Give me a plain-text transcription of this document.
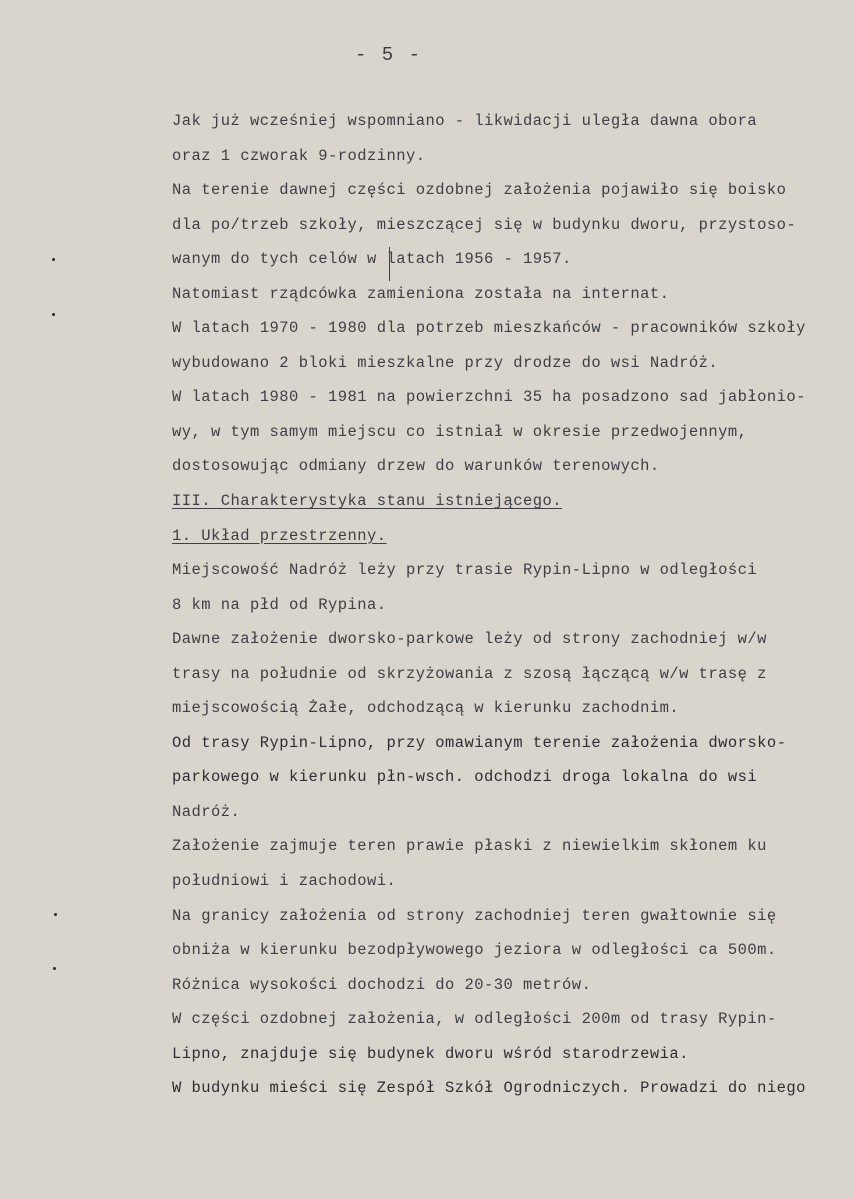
- 5 -
Jak już wcześniej wspomniano - likwidacji uległa dawna obora
oraz 1 czworak 9-rodzinny.
Na terenie dawnej części ozdobnej założenia pojawiło się boisko
dla po/trzeb szkoły, mieszczącej się w budynku dworu, przystoso-
wanym do tych celów w latach 1956 - 1957.
Natomiast rządcówka zamieniona została na internat.
W latach 1970 - 1980 dla potrzeb mieszkańców - pracowników szkoły
wybudowano 2 bloki mieszkalne przy drodze do wsi Nadróż.
W latach 1980 - 1981 na powierzchni 35 ha posadzono sad jabłonio-
wy, w tym samym miejscu co istniał w okresie przedwojennym,
dostosowując odmiany drzew do warunków terenowych.
III. Charakterystyka stanu istniejącego.
1. Układ przestrzenny.
Miejscowość Nadróż leży przy trasie Rypin-Lipno w odległości
8 km na płd od Rypina.
Dawne założenie dworsko-parkowe leży od strony zachodniej w/w
trasy na południe od skrzyżowania z szosą łączącą w/w trasę z
miejscowością Żałe, odchodzącą w kierunku zachodnim.
Od trasy Rypin-Lipno, przy omawianym terenie założenia dworsko-
parkowego w kierunku płn-wsch. odchodzi droga lokalna do wsi
Nadróż.
Założenie zajmuje teren prawie płaski z niewielkim skłonem ku
południowi i zachodowi.
Na granicy założenia od strony zachodniej teren gwałtownie się
obniża w kierunku bezodpływowego jeziora w odległości ca 500m.
Różnica wysokości dochodzi do 20-30 metrów.
W części ozdobnej założenia, w odległości 200m od trasy Rypin-
Lipno, znajduje się budynek dworu wśród starodrzewia.
W budynku mieści się Zespół Szkół Ogrodniczych. Prowadzi do niego
